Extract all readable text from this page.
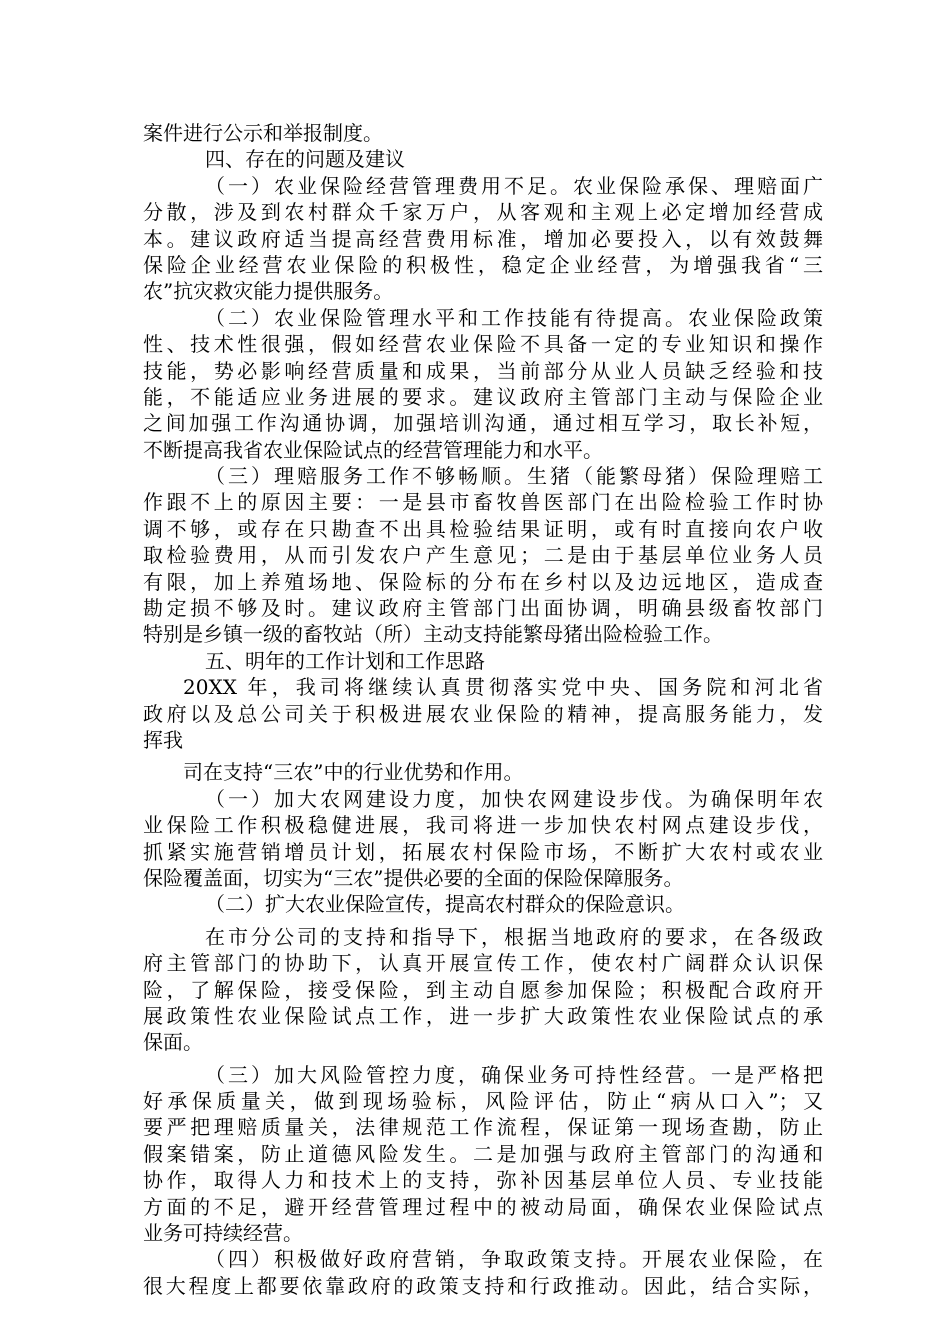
案件进行公示和举报制度。
四、存在的问题及建议
（一）农业保险经营管理费用不足。农业保险承保、理赔面广
分散，涉及到农村群众千家万户，从客观和主观上必定增加经营成
本。建议政府适当提高经营费用标准，增加必要投入，以有效鼓舞
保险企业经营农业保险的积极性，稳定企业经营，为增强我省“三
农”抗灾救灾能力提供服务。
（二）农业保险管理水平和工作技能有待提高。农业保险政策
性、技术性很强，假如经营农业保险不具备一定的专业知识和操作
技能，势必影响经营质量和成果，当前部分从业人员缺乏经验和技
能，不能适应业务进展的要求。建议政府主管部门主动与保险企业
之间加强工作沟通协调，加强培训沟通，通过相互学习，取长补短，
不断提高我省农业保险试点的经营管理能力和水平。
（三）理赔服务工作不够畅顺。生猪（能繁母猪）保险理赔工
作跟不上的原因主要：一是县市畜牧兽医部门在出险检验工作时协
调不够，或存在只勘查不出具检验结果证明，或有时直接向农户收
取检验费用，从而引发农户产生意见；二是由于基层单位业务人员
有限，加上养殖场地、保险标的分布在乡村以及边远地区，造成查
勘定损不够及时。建议政府主管部门出面协调，明确县级畜牧部门
特别是乡镇一级的畜牧站（所）主动支持能繁母猪出险检验工作。
五、明年的工作计划和工作思路
20XX 年，我司将继续认真贯彻落实党中央、国务院和河北省
政府以及总公司关于积极进展农业保险的精神，提高服务能力，发
挥我
司在支持“三农”中的行业优势和作用。
（一）加大农网建设力度，加快农网建设步伐。为确保明年农
业保险工作积极稳健进展，我司将进一步加快农村网点建设步伐，
抓紧实施营销增员计划，拓展农村保险市场，不断扩大农村或农业
保险覆盖面，切实为“三农”提供必要的全面的保险保障服务。
（二）扩大农业保险宣传，提高农村群众的保险意识。
在市分公司的支持和指导下，根据当地政府的要求，在各级政
府主管部门的协助下，认真开展宣传工作，使农村广阔群众认识保
险，了解保险，接受保险，到主动自愿参加保险；积极配合政府开
展政策性农业保险试点工作，进一步扩大政策性农业保险试点的承
保面。
（三）加大风险管控力度，确保业务可持性经营。一是严格把
好承保质量关，做到现场验标，风险评估，防止“病从口入”；又
要严把理赔质量关，法律规范工作流程，保证第一现场查勘，防止
假案错案，防止道德风险发生。二是加强与政府主管部门的沟通和
协作，取得人力和技术上的支持，弥补因基层单位人员、专业技能
方面的不足，避开经营管理过程中的被动局面，确保农业保险试点
业务可持续经营。
（四）积极做好政府营销，争取政策支持。开展农业保险，在
很大程度上都要依靠政府的政策支持和行政推动。因此，结合实际，
